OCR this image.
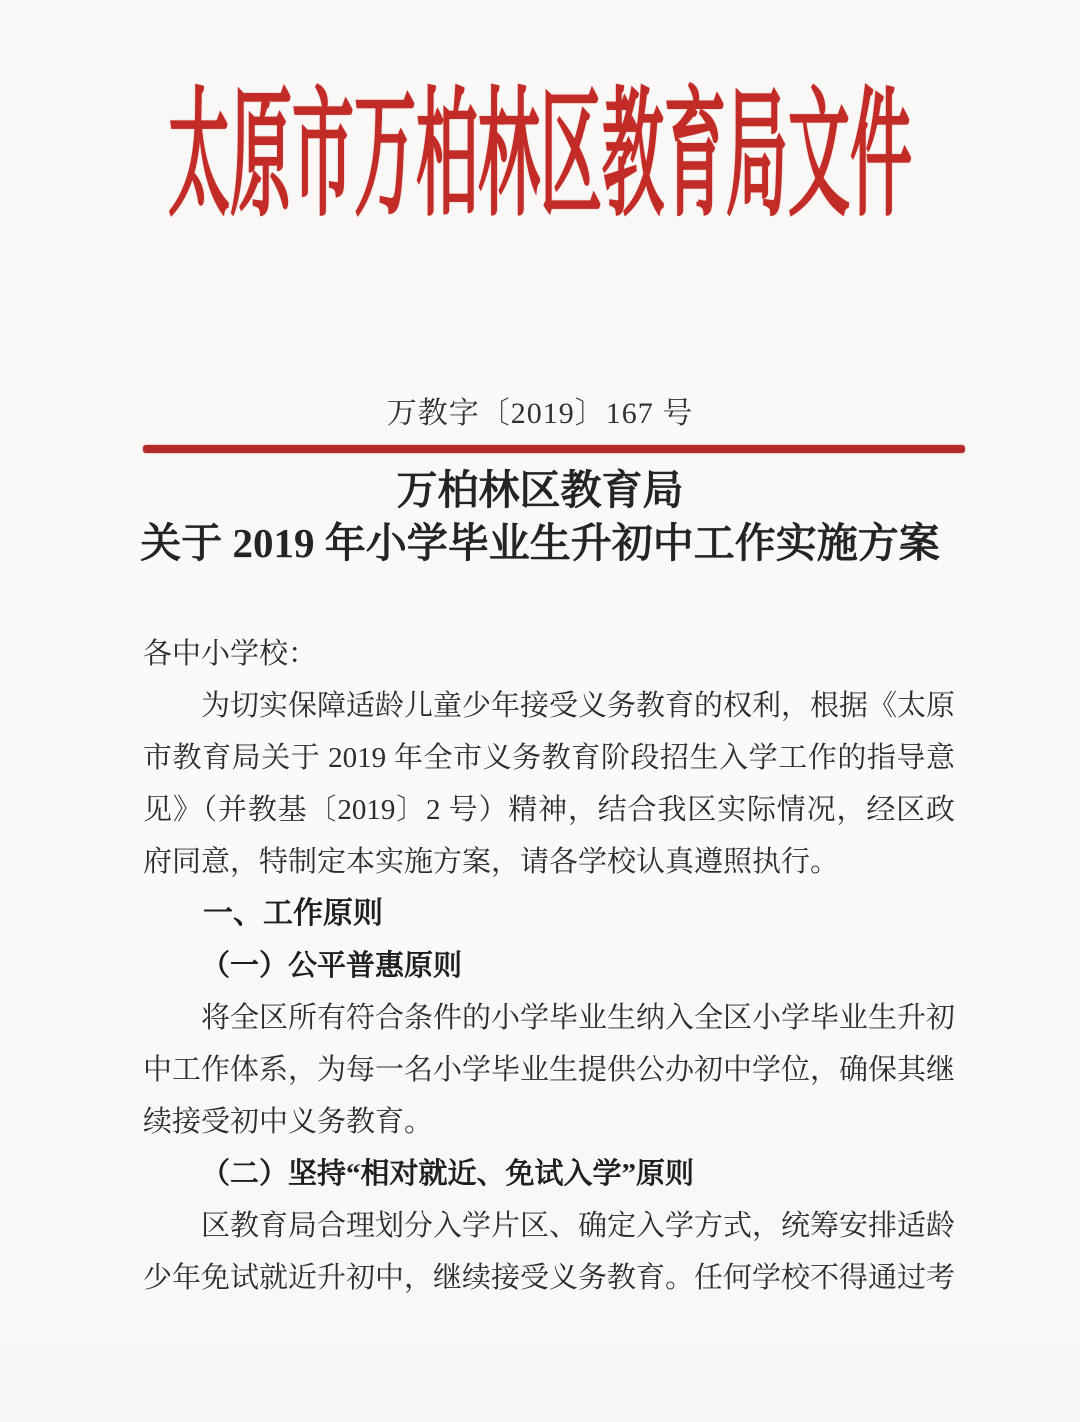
太原市万柏林区教育局文件
万教字〔2019〕167 号
万柏林区教育局
关于 2019 年小学毕业生升初中工作实施方案
各中小学校：
为切实保障适龄儿童少年接受义务教育的权利，根据《太原市教育局关于 2019 年全市义务教育阶段招生入学工作的指导意见》（并教基〔2019〕2 号）精神，结合我区实际情况，经区政府同意，特制定本实施方案，请各学校认真遵照执行。
一、工作原则
（一）公平普惠原则
将全区所有符合条件的小学毕业生纳入全区小学毕业生升初中工作体系，为每一名小学毕业生提供公办初中学位，确保其继续接受初中义务教育。
（二）坚持“相对就近、免试入学”原则
区教育局合理划分入学片区、确定入学方式，统筹安排适龄少年免试就近升初中，继续接受义务教育。任何学校不得通过考
